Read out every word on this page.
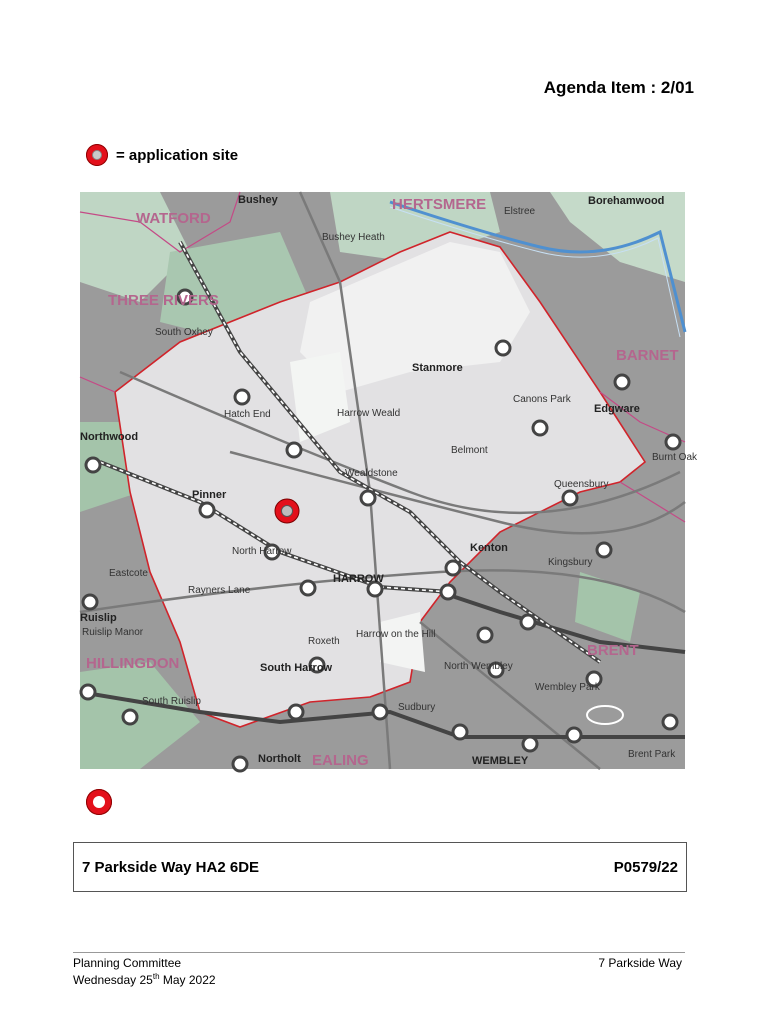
Agenda Item : 2/01
= application site
WATFORD
HERTSMERE
THREE RIVERS
BARNET
HILLINGDON
BRENT
EALING
Bushey
Bushey Heath
Elstree
Borehamwood
South Oxhey
Stanmore
Canons Park
Edgware
Hatch End	Harrow Weald
Northwood
Belmont
Burnt Oak
Wealdstone
Queensbury
Pinner
Kenton
Kingsbury
North Harrow
Eastcote
Rayners Lane
HARROW
Ruislip
Ruislip Manor
Roxeth
Harrow on the Hill
North Wembley
South Harrow
Wembley Park
South Ruislip
Sudbury
Northolt	WEMBLEY
Brent Park
7 Parkside Way HA2 6DE	P0579/22
Planning Committee
Wednesday 25th May 2022
7 Parkside Way
